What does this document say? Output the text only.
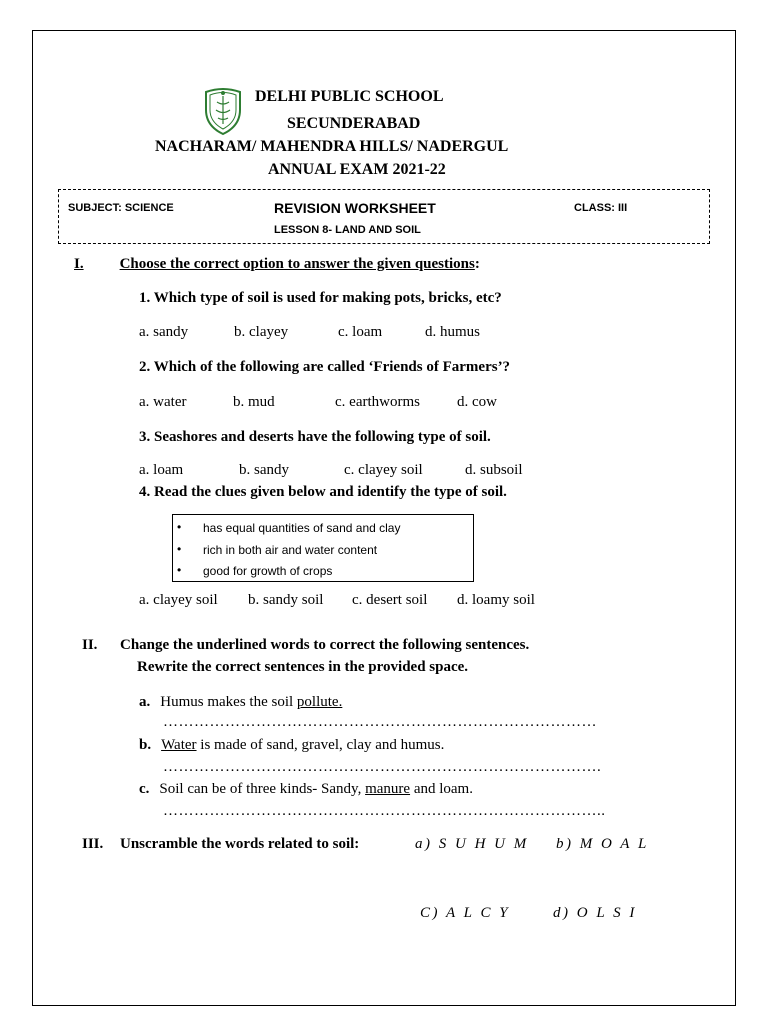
DELHI PUBLIC SCHOOL
SECUNDERABAD
NACHARAM/ MAHENDRA HILLS/ NADERGUL
ANNUAL EXAM 2021-22
SUBJECT: SCIENCE	REVISION WORKSHEET	CLASS: III
LESSON 8- LAND AND SOIL
I. Choose the correct option to answer the given questions:
1. Which type of soil is used for making pots, bricks, etc?
a. sandy	b. clayey	c. loam	d. humus
2. Which of the following are called ‘Friends of Farmers’?
a. water	b. mud	c. earthworms d. cow
3. Seashores and deserts have the following type of soil.
a. loam	b. sandy	c. clayey soil	d. subsoil
4. Read the clues given below and identify the type of soil.
• has equal quantities of sand and clay
• rich in both air and water content
• good for growth of crops
a. clayey soil b. sandy soil c. desert soil d. loamy soil
II. Change the underlined words to correct the following sentences.
Rewrite the correct sentences in the provided space.
a. Humus makes the soil pollute.
…………………………………………………………………………
b. Water is made of sand, gravel, clay and humus.
………………………………………………………………………….
c. Soil can be of three kinds- Sandy, manure and loam.
…………………………………………………………………………..
III. Unscramble the words related to soil:	a) S U H U M b) M O A L
C) A L C Y	d) O L S I
